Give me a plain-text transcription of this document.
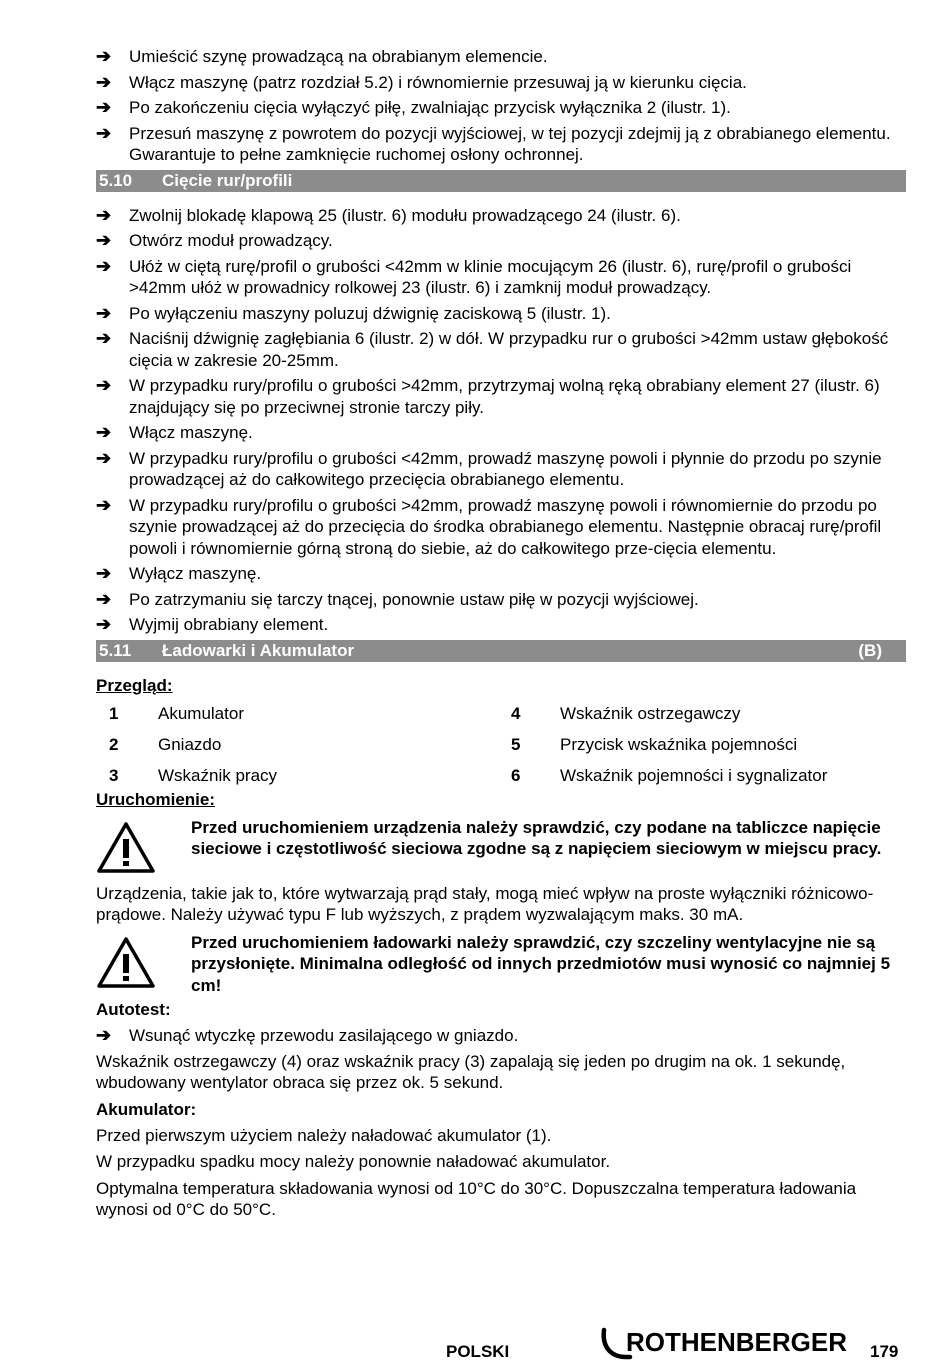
➔	Umieścić szynę prowadzącą na obrabianym elemencie.
➔	Włącz maszynę (patrz rozdział 5.2) i równomiernie przesuwaj ją w kierunku cięcia.
➔	Po zakończeniu cięcia wyłączyć piłę, zwalniając przycisk wyłącznika 2 (ilustr. 1).
➔	Przesuń maszynę z powrotem do pozycji wyjściowej, w tej pozycji zdejmij ją z obrabianego elementu. Gwarantuje to pełne zamknięcie ruchomej osłony ochronnej.
5.10	Cięcie rur/profili
➔	Zwolnij blokadę klapową 25 (ilustr. 6) modułu prowadzącego 24 (ilustr. 6).
➔	Otwórz moduł prowadzący.
➔	Ułóż w ciętą rurę/profil o grubości <42mm w klinie mocującym 26 (ilustr. 6), rurę/profil o grubości >42mm ułóż w prowadnicy rolkowej 23 (ilustr. 6) i zamknij moduł prowadzący.
➔	Po wyłączeniu maszyny poluzuj dźwignię zaciskową 5 (ilustr. 1).
➔	Naciśnij dźwignię zagłębiania 6 (ilustr. 2) w dół. W przypadku rur o grubości >42mm ustaw głębokość cięcia w zakresie 20-25mm.
➔	W przypadku rury/profilu o grubości >42mm, przytrzymaj wolną ręką obrabiany element 27 (ilustr. 6) znajdujący się po przeciwnej stronie tarczy piły.
➔	Włącz maszynę.
➔	W przypadku rury/profilu o grubości <42mm, prowadź maszynę powoli i płynnie do przodu po szynie prowadzącej aż do całkowitego przecięcia obrabianego elementu.
➔	W przypadku rury/profilu o grubości >42mm, prowadź maszynę powoli i równomiernie do przodu po szynie prowadzącej aż do przecięcia do środka obrabianego elementu. Następnie obracaj rurę/profil powoli i równomiernie górną stroną do siebie, aż do całkowitego prze-cięcia elementu.
➔	Wyłącz maszynę.
➔	Po zatrzymaniu się tarczy tnącej, ponownie ustaw piłę w pozycji wyjściowej.
➔	Wyjmij obrabiany element.
5.11	Ładowarki i Akumulator	(B)
Przegląd:
1	Akumulator	4	Wskaźnik ostrzegawczy
2	Gniazdo	5	Przycisk wskaźnika pojemności
3	Wskaźnik pracy	6	Wskaźnik pojemności i sygnalizator
Uruchomienie:
Przed uruchomieniem urządzenia należy sprawdzić, czy podane na tabliczce napięcie sieciowe i częstotliwość sieciowa zgodne są z napięciem sieciowym w miejscu pracy.
Urządzenia, takie jak to, które wytwarzają prąd stały, mogą mieć wpływ na proste wyłączniki różnicowo- prądowe. Należy używać typu F lub wyższych, z prądem wyzwalającym maks. 30 mA.
Przed uruchomieniem ładowarki należy sprawdzić, czy szczeliny wentylacyjne nie są przysłonięte. Minimalna odległość od innych przedmiotów musi wynosić co najmniej 5 cm!
Autotest:
➔	Wsunąć wtyczkę przewodu zasilającego w gniazdo.
Wskaźnik ostrzegawczy (4) oraz wskaźnik pracy (3) zapalają się jeden po drugim na ok. 1 sekundę, wbudowany wentylator obraca się przez ok. 5 sekund.
Akumulator:
Przed pierwszym użyciem należy naładować akumulator (1).
W przypadku spadku mocy należy ponownie naładować akumulator.
Optymalna temperatura składowania wynosi od 10°C do 30°C. Dopuszczalna temperatura ładowania wynosi od 0°C do 50°C.
POLSKI	ROTHENBERGER 179
